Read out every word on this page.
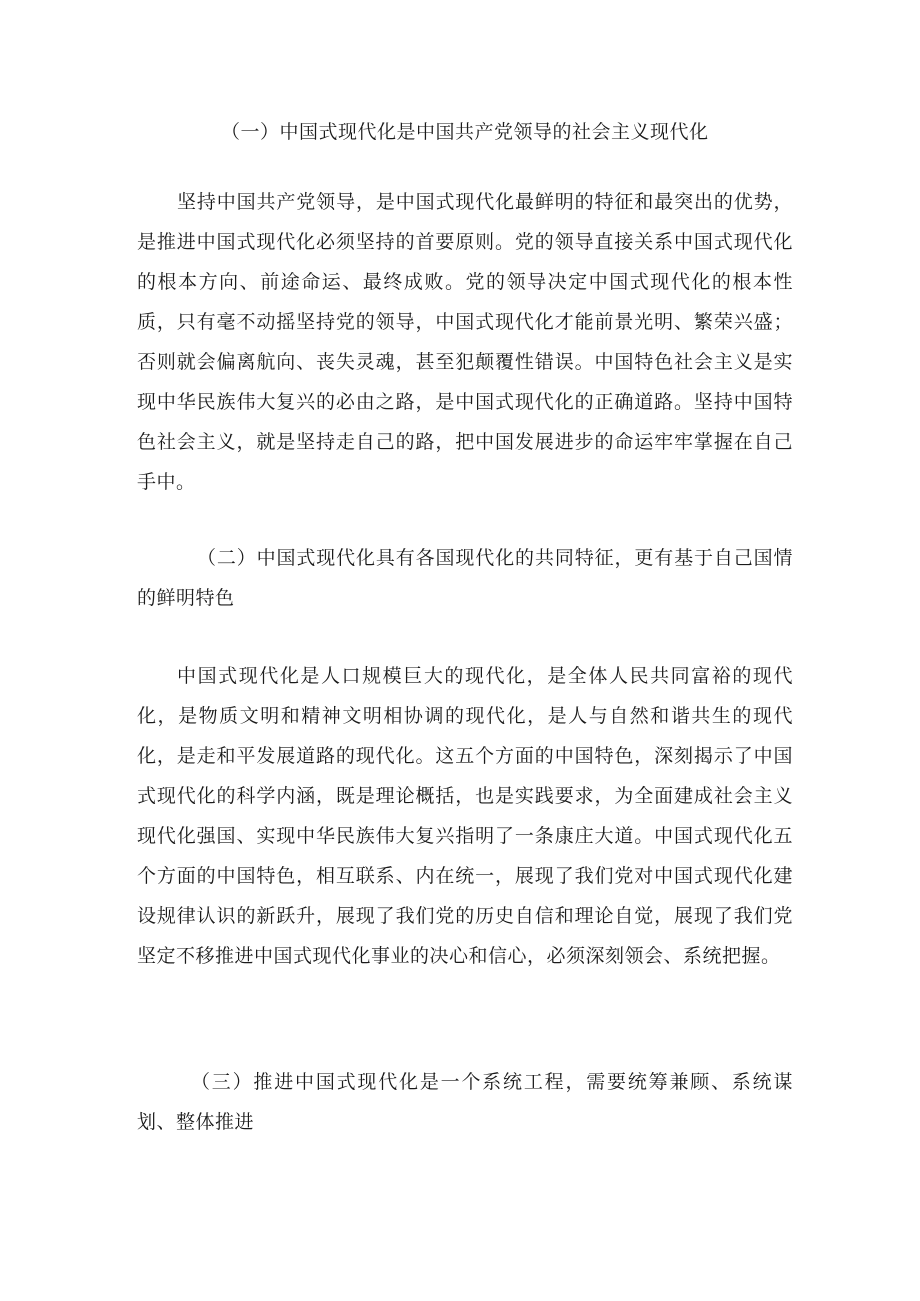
（一）中国式现代化是中国共产党领导的社会主义现代化

坚持中国共产党领导，是中国式现代化最鲜明的特征和最突出的优势，是推进中国式现代化必须坚持的首要原则。党的领导直接关系中国式现代化的根本方向、前途命运、最终成败。党的领导决定中国式现代化的根本性质，只有毫不动摇坚持党的领导，中国式现代化才能前景光明、繁荣兴盛；否则就会偏离航向、丧失灵魂，甚至犯颠覆性错误。中国特色社会主义是实现中华民族伟大复兴的必由之路，是中国式现代化的正确道路。坚持中国特色社会主义，就是坚持走自己的路，把中国发展进步的命运牢牢掌握在自己手中。

（二）中国式现代化具有各国现代化的共同特征，更有基于自己国情的鲜明特色

中国式现代化是人口规模巨大的现代化，是全体人民共同富裕的现代化，是物质文明和精神文明相协调的现代化，是人与自然和谐共生的现代化，是走和平发展道路的现代化。这五个方面的中国特色，深刻揭示了中国式现代化的科学内涵，既是理论概括，也是实践要求，为全面建成社会主义现代化强国、实现中华民族伟大复兴指明了一条康庄大道。中国式现代化五个方面的中国特色，相互联系、内在统一，展现了我们党对中国式现代化建设规律认识的新跃升，展现了我们党的历史自信和理论自觉，展现了我们党坚定不移推进中国式现代化事业的决心和信心，必须深刻领会、系统把握。

（三）推进中国式现代化是一个系统工程，需要统筹兼顾、系统谋划、整体推进
